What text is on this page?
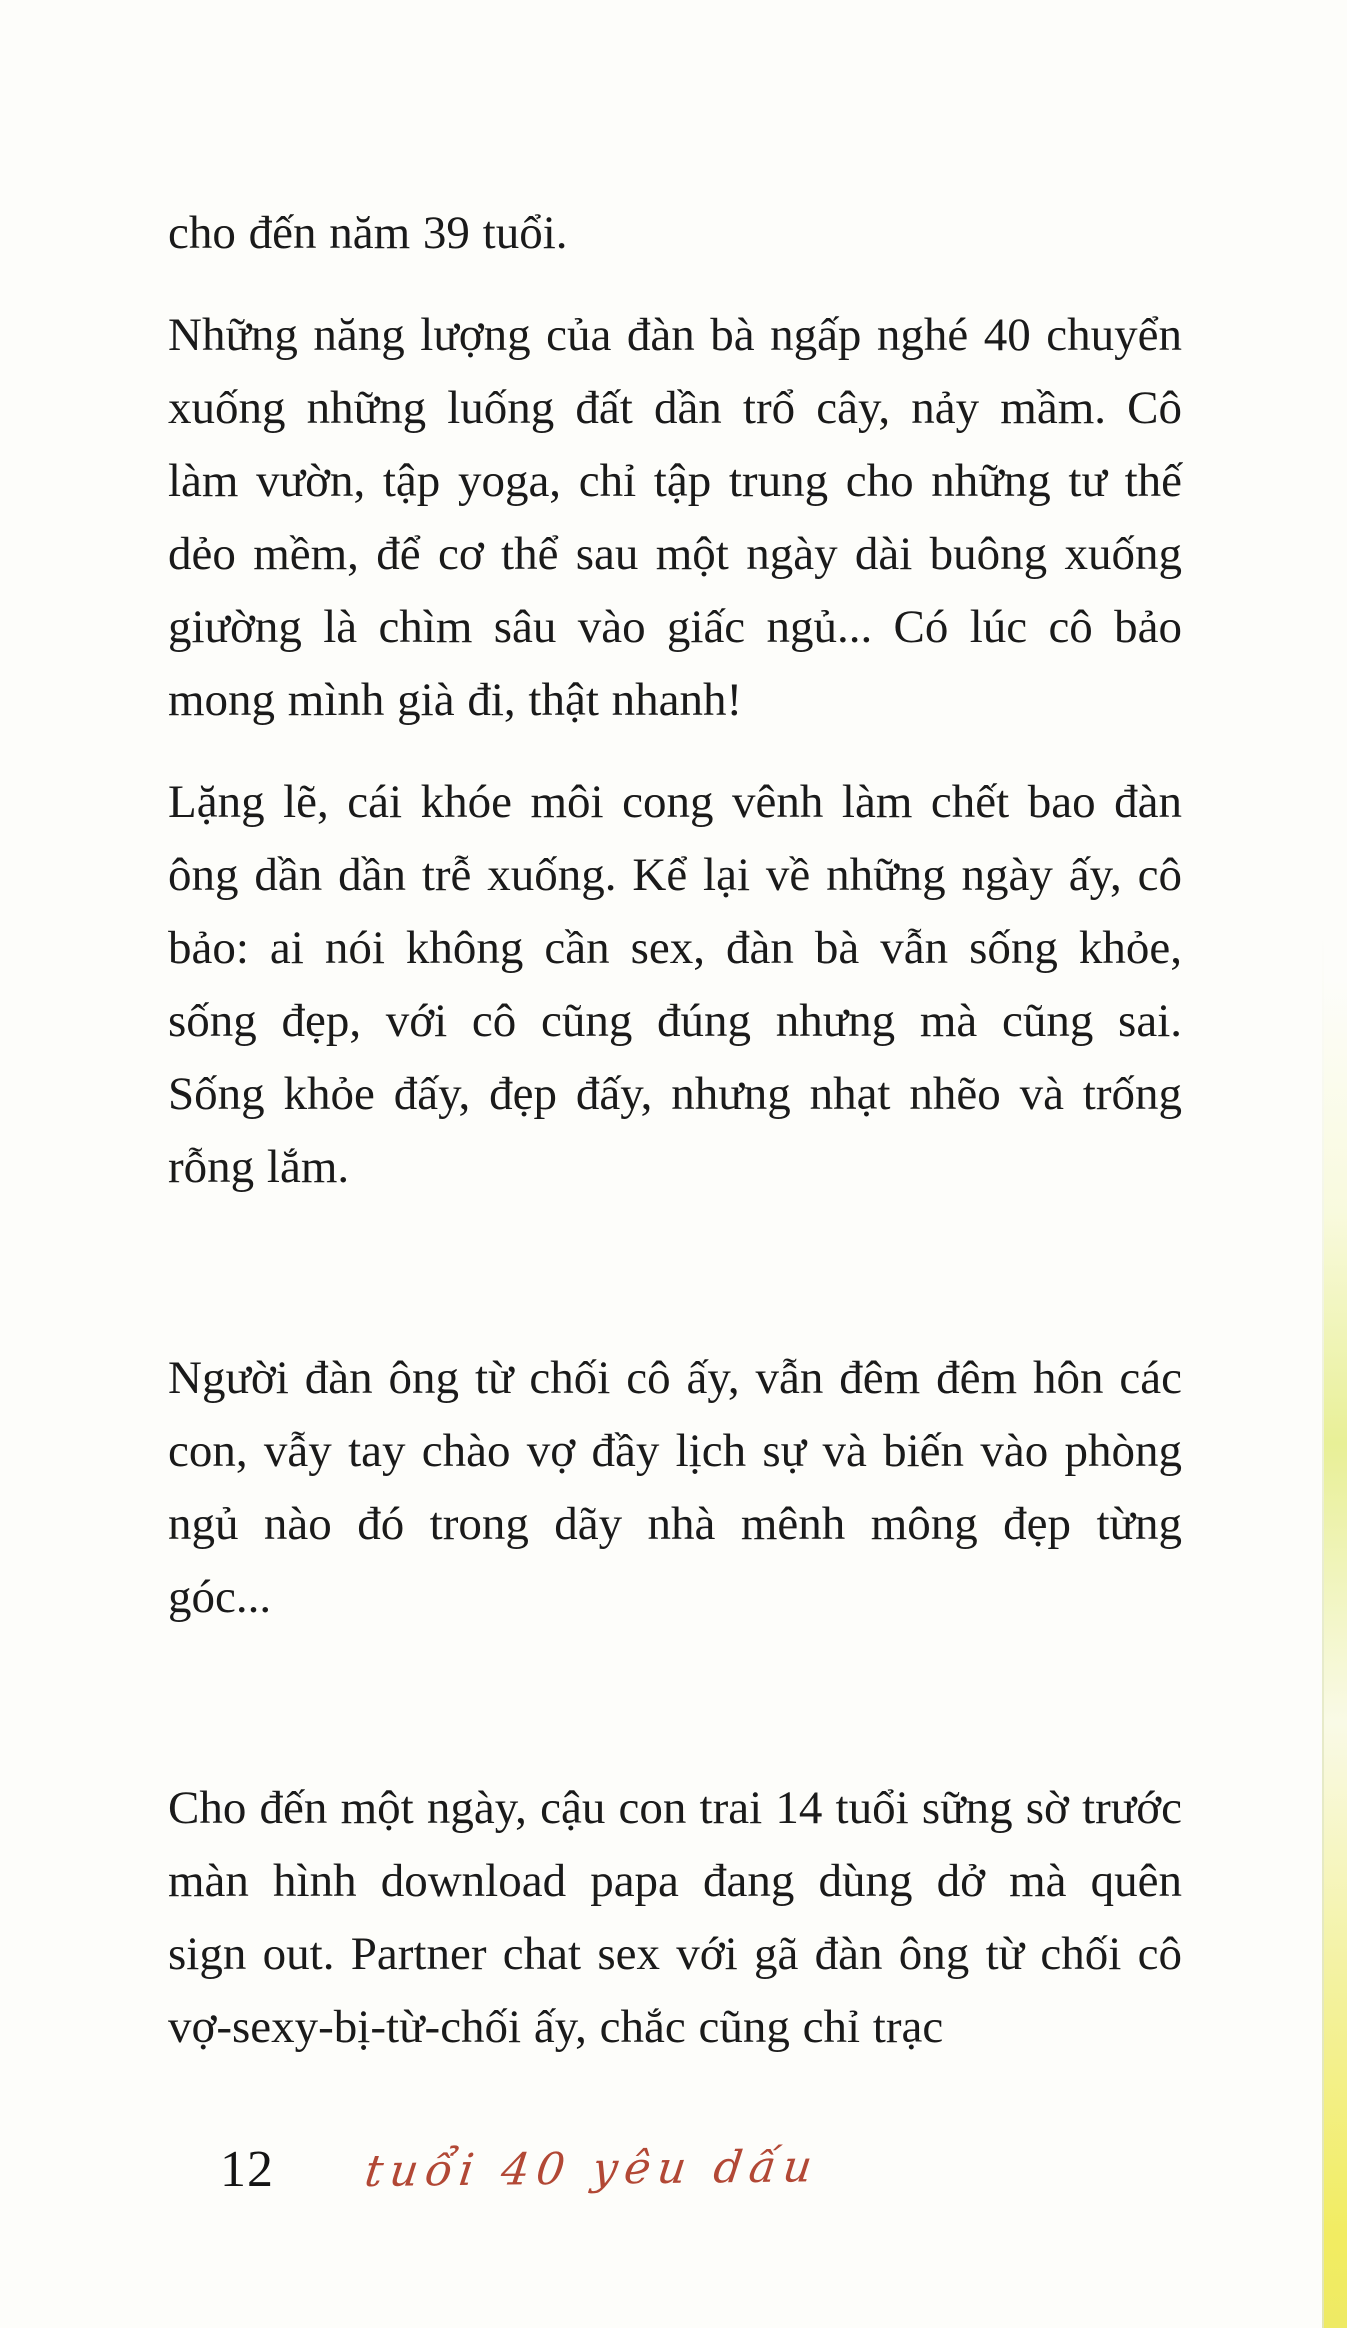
cho đến năm 39 tuổi.

Những năng lượng của đàn bà ngấp nghé 40 chuyển xuống những luống đất dần trổ cây, nảy mầm. Cô làm vườn, tập yoga, chỉ tập trung cho những tư thế dẻo mềm, để cơ thể sau một ngày dài buông xuống giường là chìm sâu vào giấc ngủ... Có lúc cô bảo mong mình già đi, thật nhanh!

Lặng lẽ, cái khóe môi cong vênh làm chết bao đàn ông dần dần trễ xuống. Kể lại về những ngày ấy, cô bảo: ai nói không cần sex, đàn bà vẫn sống khỏe, sống đẹp, với cô cũng đúng nhưng mà cũng sai. Sống khỏe đấy, đẹp đấy, nhưng nhạt nhẽo và trống rỗng lắm.

Người đàn ông từ chối cô ấy, vẫn đêm đêm hôn các con, vẫy tay chào vợ đầy lịch sự và biến vào phòng ngủ nào đó trong dãy nhà mênh mông đẹp từng góc...

Cho đến một ngày, cậu con trai 14 tuổi sững sờ trước màn hình download papa đang dùng dở mà quên sign out. Partner chat sex với gã đàn ông từ chối cô vợ-sexy-bị-từ-chối ấy, chắc cũng chỉ trạc

12 tuổi 40 yêu dấu
